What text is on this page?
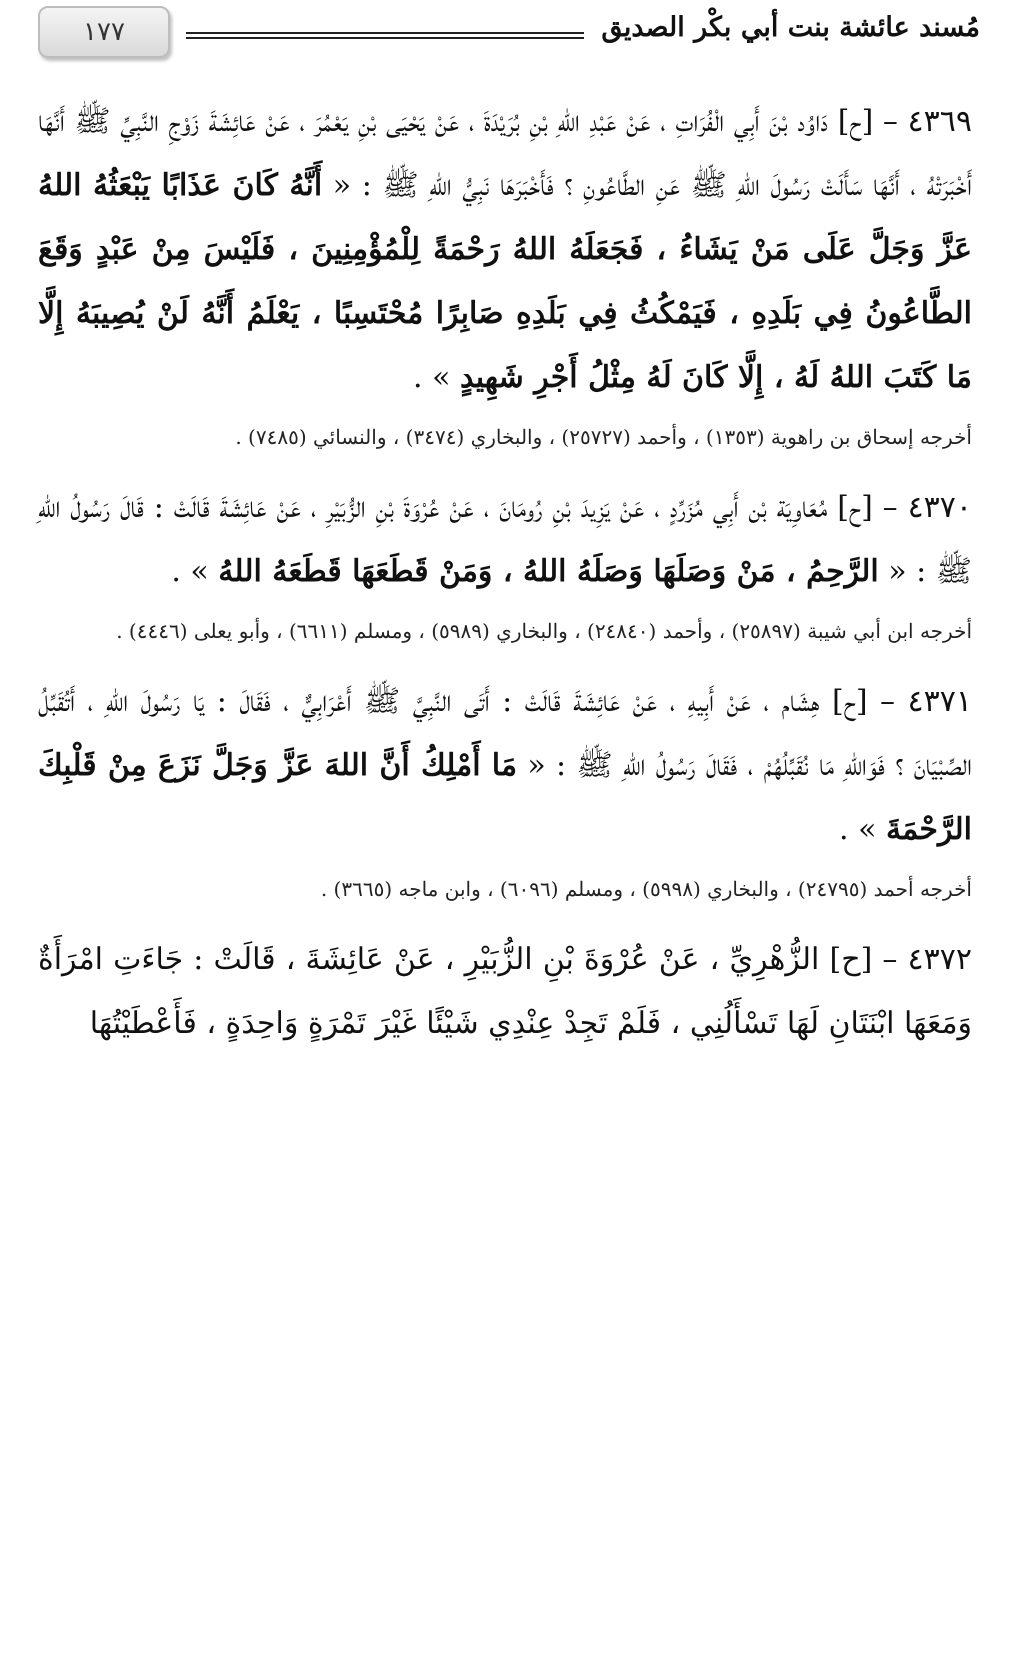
١٧٧	مُسند عائشة بنت أبي بكْر الصديق

٤٣٦٩ – [ح] دَاوُد بْنَ أَبِي الْفُرَاتِ ، عَنْ عَبْدِ اللهِ بْنِ بُرَيْدَةَ ، عَنْ يَحْيَى بْنِ يَعْمُرَ ، عَنْ عَائِشَةَ زَوْجِ النَّبِيِّ ﷺ أَنَّهَا أَخْبَرَتْهُ ، أَنَّهَا سَأَلَتْ رَسُولَ اللهِ ﷺ عَنِ الطَّاعُونِ ؟ فَأَخْبَرَهَا نَبِيُّ اللهِ ﷺ : « أَنَّهُ كَانَ عَذَابًا يَبْعَثُهُ اللهُ عَزَّ وَجَلَّ عَلَى مَنْ يَشَاءُ ، فَجَعَلَهُ اللهُ رَحْمَةً لِلْمُؤْمِنِينَ ، فَلَيْسَ مِنْ عَبْدٍ وَقَعَ الطَّاعُونُ فِي بَلَدِهِ ، فَيَمْكُثُ فِي بَلَدِهِ صَابِرًا مُحْتَسِبًا ، يَعْلَمُ أَنَّهُ لَنْ يُصِيبَهُ إِلَّا مَا كَتَبَ اللهُ لَهُ ، إِلَّا كَانَ لَهُ مِثْلُ أَجْرِ شَهِيدٍ » .

أخرجه إسحاق بن راهوية (١٣٥٣) ، وأحمد (٢٥٧٢٧) ، والبخاري (٣٤٧٤) ، والنسائي (٧٤٨٥) .

٤٣٧٠ – [ح] مُعَاوِيَة بْن أَبِي مُزَرِّدٍ ، عَنْ يَزِيدَ بْنِ رُومَانَ ، عَنْ عُرْوَةَ بْنِ الزُّبَيْرِ ، عَنْ عَائِشَةَ قَالَتْ : قَالَ رَسُولُ اللهِ ﷺ : « الرَّحِمُ ، مَنْ وَصَلَهَا وَصَلَهُ اللهُ ، وَمَنْ قَطَعَهَا قَطَعَهُ اللهُ » .

أخرجه ابن أبي شيبة (٢٥٨٩٧) ، وأحمد (٢٤٨٤٠) ، والبخاري (٥٩٨٩) ، ومسلم (٦٦١١) ، وأبو يعلى (٤٤٤٦) .

٤٣٧١ – [ح] هِشَام ، عَنْ أَبِيهِ ، عَنْ عَائِشَةَ قَالَتْ : أَتَى النَّبِيَّ ﷺ أَعْرَابِيٌّ ، فَقَالَ : يَا رَسُولَ اللهِ ، أَتُقَبِّلُ الصِّبْيَانَ ؟ فَوَاللهِ مَا نُقَبِّلُهُمْ ، فَقَالَ رَسُولُ اللهِ ﷺ : « مَا أَمْلِكُ أَنَّ اللهَ عَزَّ وَجَلَّ نَزَعَ مِنْ قَلْبِكَ الرَّحْمَةَ » .

أخرجه أحمد (٢٤٧٩٥) ، والبخاري (٥٩٩٨) ، ومسلم (٦٠٩٦) ، وابن ماجه (٣٦٦٥) .

٤٣٧٢ – [ح] الزُّهْرِيِّ ، عَنْ عُرْوَةَ بْنِ الزُّبَيْرِ ، عَنْ عَائِشَةَ ، قَالَتْ : جَاءَتِ امْرَأَةٌ وَمَعَهَا ابْنَتَانِ لَهَا تَسْأَلُنِي ، فَلَمْ تَجِدْ عِنْدِي شَيْئًا غَيْرَ تَمْرَةٍ وَاحِدَةٍ ، فَأَعْطَيْتُهَا
